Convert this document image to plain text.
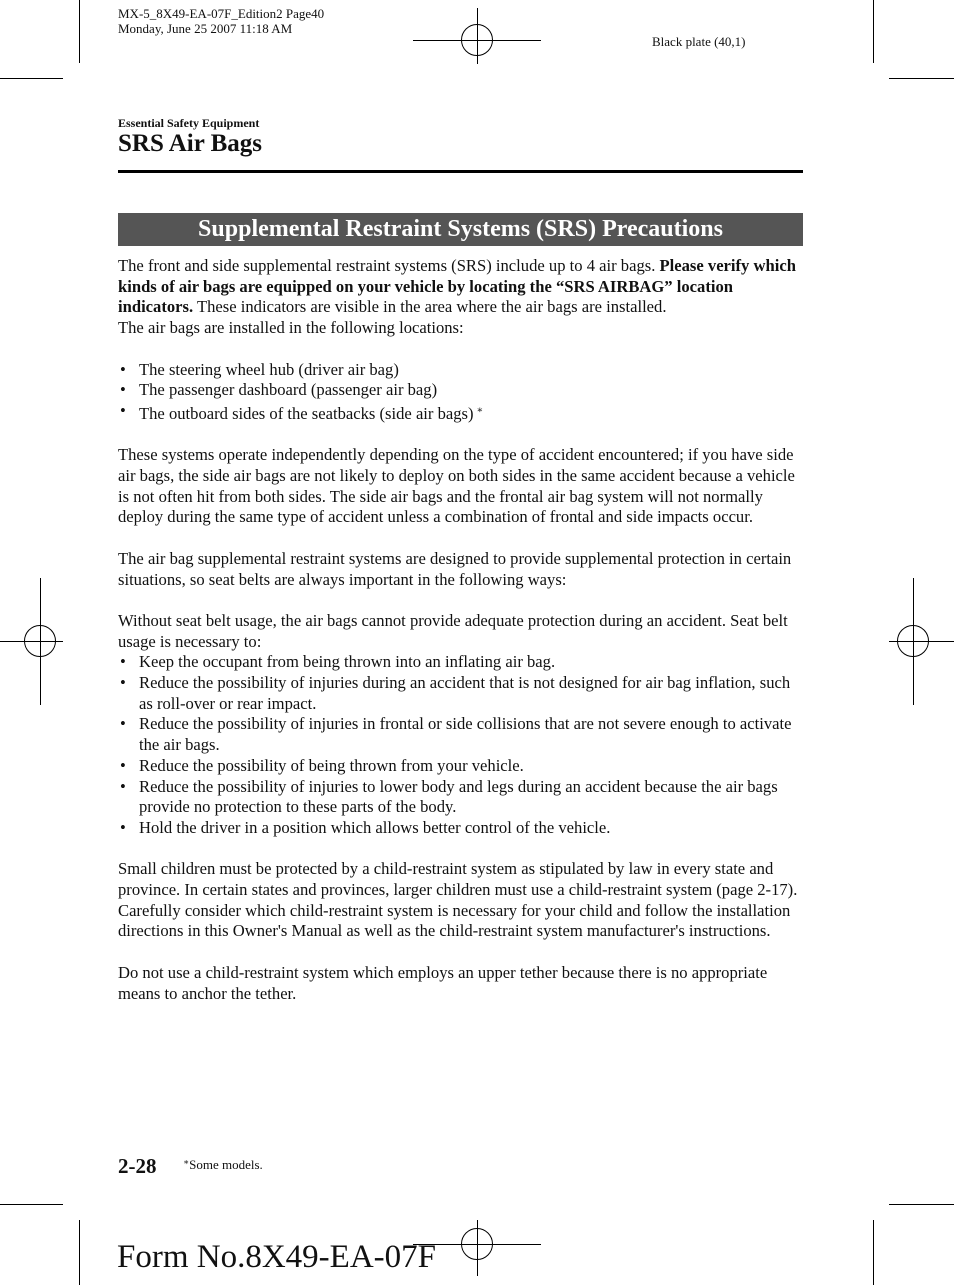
MX-5_8X49-EA-07F_Edition2 Page40
Monday, June 25 2007 11:18 AM
Black plate (40,1)
Essential Safety Equipment
SRS Air Bags
Supplemental Restraint Systems (SRS) Precautions

The front and side supplemental restraint systems (SRS) include up to 4 air bags. Please verify which kinds of air bags are equipped on your vehicle by locating the “SRS AIRBAG” location indicators. These indicators are visible in the area where the air bags are installed.

The air bags are installed in the following locations:

• The steering wheel hub (driver air bag)
• The passenger dashboard (passenger air bag)
• The outboard sides of the seatbacks (side air bags) ∗

These systems operate independently depending on the type of accident encountered; if you have side air bags, the side air bags are not likely to deploy on both sides in the same accident because a vehicle is not often hit from both sides. The side air bags and the frontal air bag system will not normally deploy during the same type of accident unless a combination of frontal and side impacts occur.

The air bag supplemental restraint systems are designed to provide supplemental protection in certain situations, so seat belts are always important in the following ways:

Without seat belt usage, the air bags cannot provide adequate protection during an accident. Seat belt usage is necessary to:

• Keep the occupant from being thrown into an inflating air bag.
• Reduce the possibility of injuries during an accident that is not designed for air bag inflation, such as roll-over or rear impact.
• Reduce the possibility of injuries in frontal or side collisions that are not severe enough to activate the air bags.
• Reduce the possibility of being thrown from your vehicle.
• Reduce the possibility of injuries to lower body and legs during an accident because the air bags provide no protection to these parts of the body.
• Hold the driver in a position which allows better control of the vehicle.

Small children must be protected by a child-restraint system as stipulated by law in every state and province. In certain states and provinces, larger children must use a child-restraint system (page 2-17).

Carefully consider which child-restraint system is necessary for your child and follow the installation directions in this Owner's Manual as well as the child-restraint system manufacturer's instructions.

Do not use a child-restraint system which employs an upper tether because there is no appropriate means to anchor the tether.

2-28	∗Some models.
Form No.8X49-EA-07F
